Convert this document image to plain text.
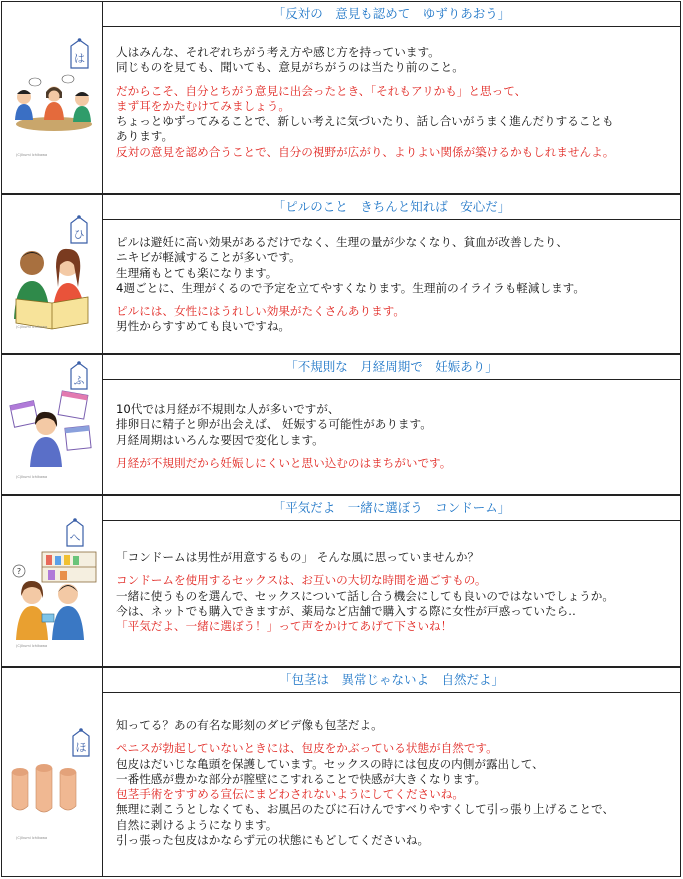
は
(C)Ikumi Ichikawa
「反対の　意見も認めて　ゆずりあおう」
人はみんな、それぞれちがう考え方や感じ方を持っています。
同じものを見ても、聞いても、意見がちがうのは当たり前のこと。
だからこそ、自分とちがう意見に出会ったとき、「それもアリかも」と思って、
まず耳をかたむけてみましょう。
ちょっとゆずってみることで、新しい考えに気づいたり、話し合いがうまく進んだりすることも
あります。
反対の意見を認め合うことで、自分の視野が広がり、よりよい関係が築けるかもしれませんよ。
ひ
(C)Ikumi Ichikawa
「ピルのこと　きちんと知れば　安心だ」
ピルは避妊に高い効果があるだけでなく、生理の量が少なくなり、貧血が改善したり、
ニキビが軽減することが多いです。
生理痛もとても楽になります。
4週ごとに、生理がくるので予定を立てやすくなります。生理前のイライラも軽減します。
ピルには、女性にはうれしい効果がたくさんあります。
男性からすすめても良いですね。
ふ
(C)Ikumi Ichikawa
「不規則な　月経周期で　妊娠あり」
10代では月経が不規則な人が多いですが、
排卵日に精子と卵が出会えば、 妊娠する可能性があります。
月経周期はいろんな要因で変化します。
月経が不規則だから妊娠しにくいと思い込むのはまちがいです。
へ
?
(C)Ikumi Ichikawa
「平気だよ　一緒に選ぼう　コンドーム」
「コンドームは男性が用意するもの」 そんな風に思っていませんか？
コンドームを使用するセックスは、お互いの大切な時間を過ごすもの。
一緒に使うものを選んで、セックスについて話し合う機会にしても良いのではないでしょうか。
今は、ネットでも購入できますが、薬局など店舗で購入する際に女性が戸惑っていたら‥
「平気だよ、一緒に選ぼう！」って声をかけてあげて下さいね！
ほ
(C)Ikumi Ichikawa
「包茎は　異常じゃないよ　自然だよ」
知ってる？あの有名な彫刻のダビデ像も包茎だよ。
ペニスが勃起していないときには、包皮をかぶっている状態が自然です。
包皮はだいじな亀頭を保護しています。セックスの時には包皮の内側が露出して、
一番性感が豊かな部分が膣壁にこすれることで快感が大きくなります。
包茎手術をすすめる宣伝にまどわされないようにしてくださいね。
無理に剥こうとしなくても、お風呂のたびに石けんですべりやすくして引っ張り上げることで、
自然に剥けるようになります。
引っ張った包皮はかならず元の状態にもどしてくださいね。
